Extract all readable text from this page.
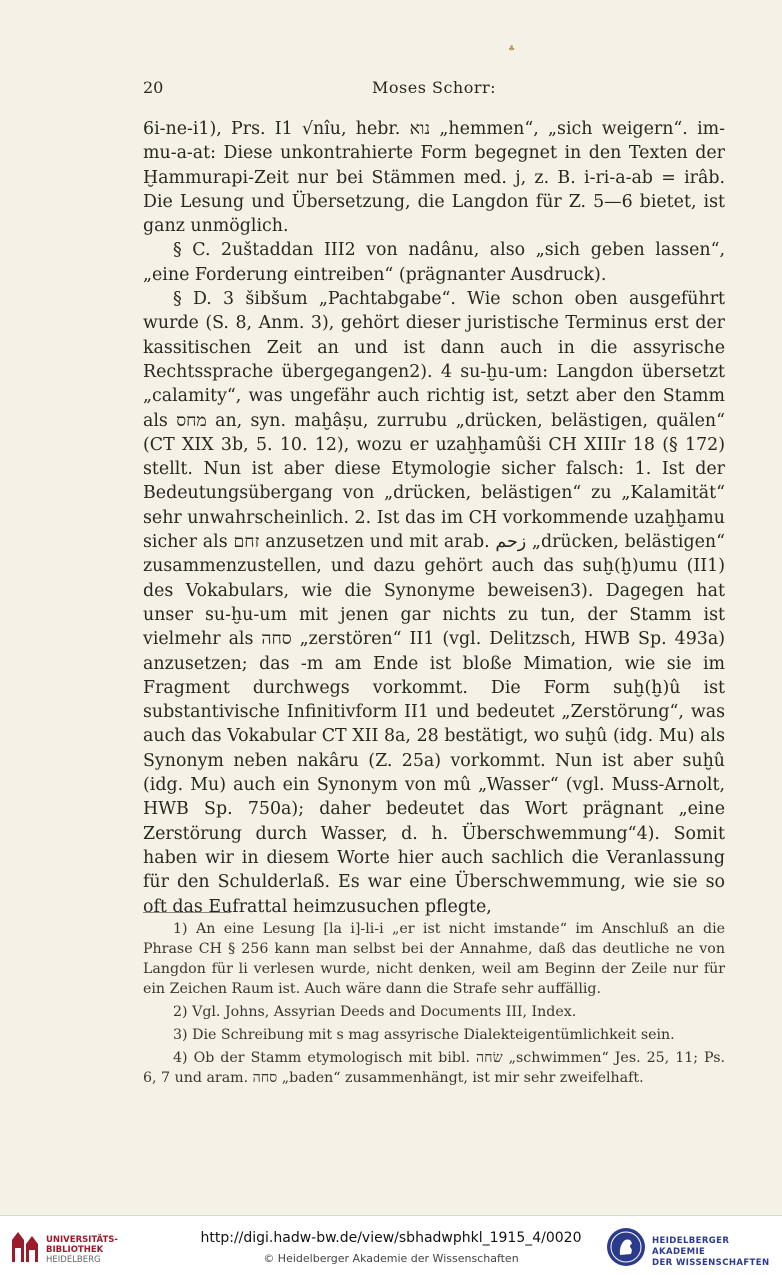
♣
20	Moses Schorr:

6i-ne-i1), Prs. I1 √nîu, hebr. נוא „hemmen“, „sich weigern“. im-mu-a-at: Diese unkontrahierte Form begegnet in den Texten der Ḫammurapi-Zeit nur bei Stämmen med. j, z. B. i-ri-a-ab = irâb. Die Lesung und Übersetzung, die Langdon für Z. 5—6 bietet, ist ganz unmöglich.

§ C. 2uštaddan III2 von nadânu, also „sich geben lassen“, „eine Forderung eintreiben“ (prägnanter Ausdruck).

§ D. 3 šibšum „Pachtabgabe“. Wie schon oben ausgeführt wurde (S. 8, Anm. 3), gehört dieser juristische Terminus erst der kassitischen Zeit an und ist dann auch in die assyrische Rechtssprache übergegangen2). 4 su-ḫu-um: Langdon übersetzt „calamity“, was ungefähr auch richtig ist, setzt aber den Stamm als מחס an, syn. maḫâṣu, zurrubu „drücken, belästigen, quälen“ (CT XIX 3b, 5. 10. 12), wozu er uzaḫḫamûši CH XIIIr 18 (§ 172) stellt. Nun ist aber diese Etymologie sicher falsch: 1. Ist der Bedeutungsübergang von „drücken, belästigen“ zu „Kalamität“ sehr unwahrscheinlich. 2. Ist das im CH vorkommende uzaḫḫamu sicher als זחם anzusetzen und mit arab. زحم „drücken, belästigen“ zusammenzustellen, und dazu gehört auch das suḫ(ḫ)umu (II1) des Vokabulars, wie die Synonyme beweisen3). Dagegen hat unser su-ḫu-um mit jenen gar nichts zu tun, der Stamm ist vielmehr als סחה „zerstören“ II1 (vgl. Delitzsch, HWB Sp. 493a) anzusetzen; das -m am Ende ist bloße Mimation, wie sie im Fragment durchwegs vorkommt. Die Form suḫ(ḫ)û ist substantivische Infinitivform II1 und bedeutet „Zerstörung“, was auch das Vokabular CT XII 8a, 28 bestätigt, wo suḫû (idg. Mu) als Synonym neben nakâru (Z. 25a) vorkommt. Nun ist aber suḫû (idg. Mu) auch ein Synonym von mû „Wasser“ (vgl. Muss-Arnolt, HWB Sp. 750a); daher bedeutet das Wort prägnant „eine Zerstörung durch Wasser, d. h. Überschwemmung“4). Somit haben wir in diesem Worte hier auch sachlich die Veranlassung für den Schulderlaß. Es war eine Überschwemmung, wie sie so oft das Eufrattal heimzusuchen pflegte,

1) An eine Lesung [la i]-li-i „er ist nicht imstande“ im Anschluß an die Phrase CH § 256 kann man selbst bei der Annahme, daß das deutliche ne von Langdon für li verlesen wurde, nicht denken, weil am Beginn der Zeile nur für ein Zeichen Raum ist. Auch wäre dann die Strafe sehr auffällig.

2) Vgl. Johns, Assyrian Deeds and Documents III, Index.

3) Die Schreibung mit s mag assyrische Dialekteigentümlichkeit sein.

4) Ob der Stamm etymologisch mit bibl. שׂחה „schwimmen“ Jes. 25, 11; Ps. 6, 7 und aram. סחה „baden“ zusammenhängt, ist mir sehr zweifelhaft.

UNIVERSITÄTS-
BIBLIOTHEK
HEIDELBERG
http://digi.hadw-bw.de/view/sbhadwphkl_1915_4/0020
© Heidelberger Akademie der Wissenschaften
HEIDELBERGER AKADEMIE
DER WISSENSCHAFTEN
